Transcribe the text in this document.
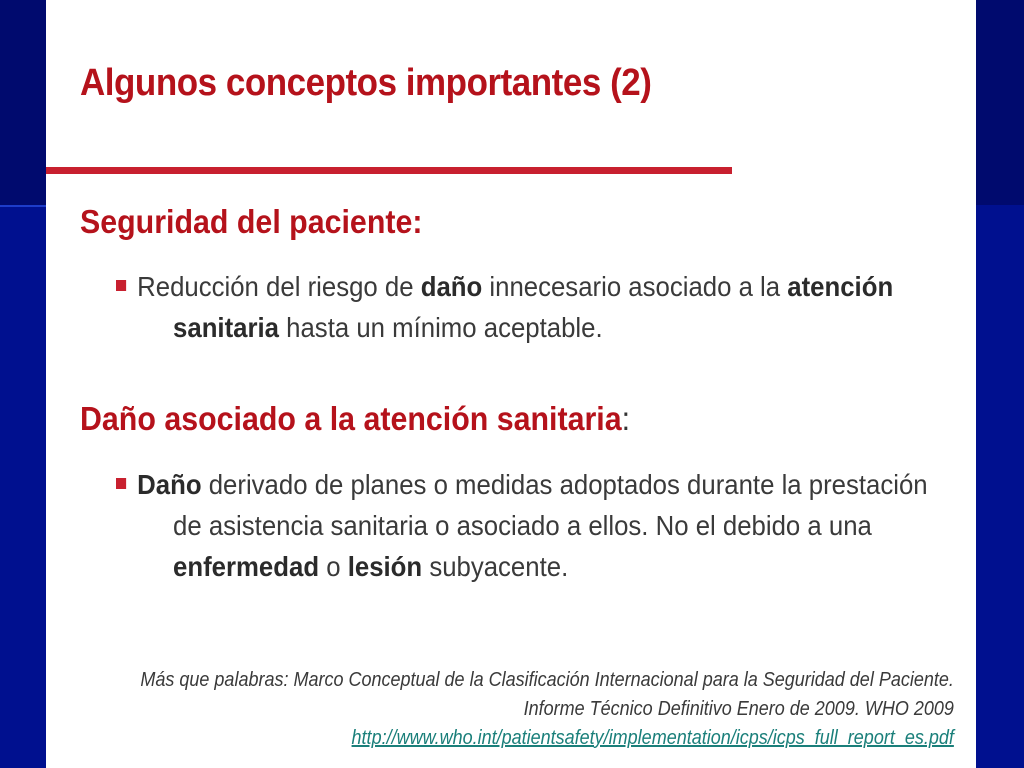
Algunos conceptos importantes (2)
Seguridad del paciente:
Reducción del riesgo de daño innecesario asociado a la atención
sanitaria hasta un mínimo aceptable.
Daño asociado a la atención sanitaria:
Daño derivado de planes o medidas adoptados durante la prestación
de asistencia sanitaria o asociado a ellos. No el debido a una
enfermedad o lesión subyacente.
Más que palabras: Marco Conceptual de la Clasificación Internacional para la Seguridad del Paciente.
Informe Técnico Definitivo Enero de 2009. WHO 2009
http://www.who.int/patientsafety/implementation/icps/icps_full_report_es.pdf
